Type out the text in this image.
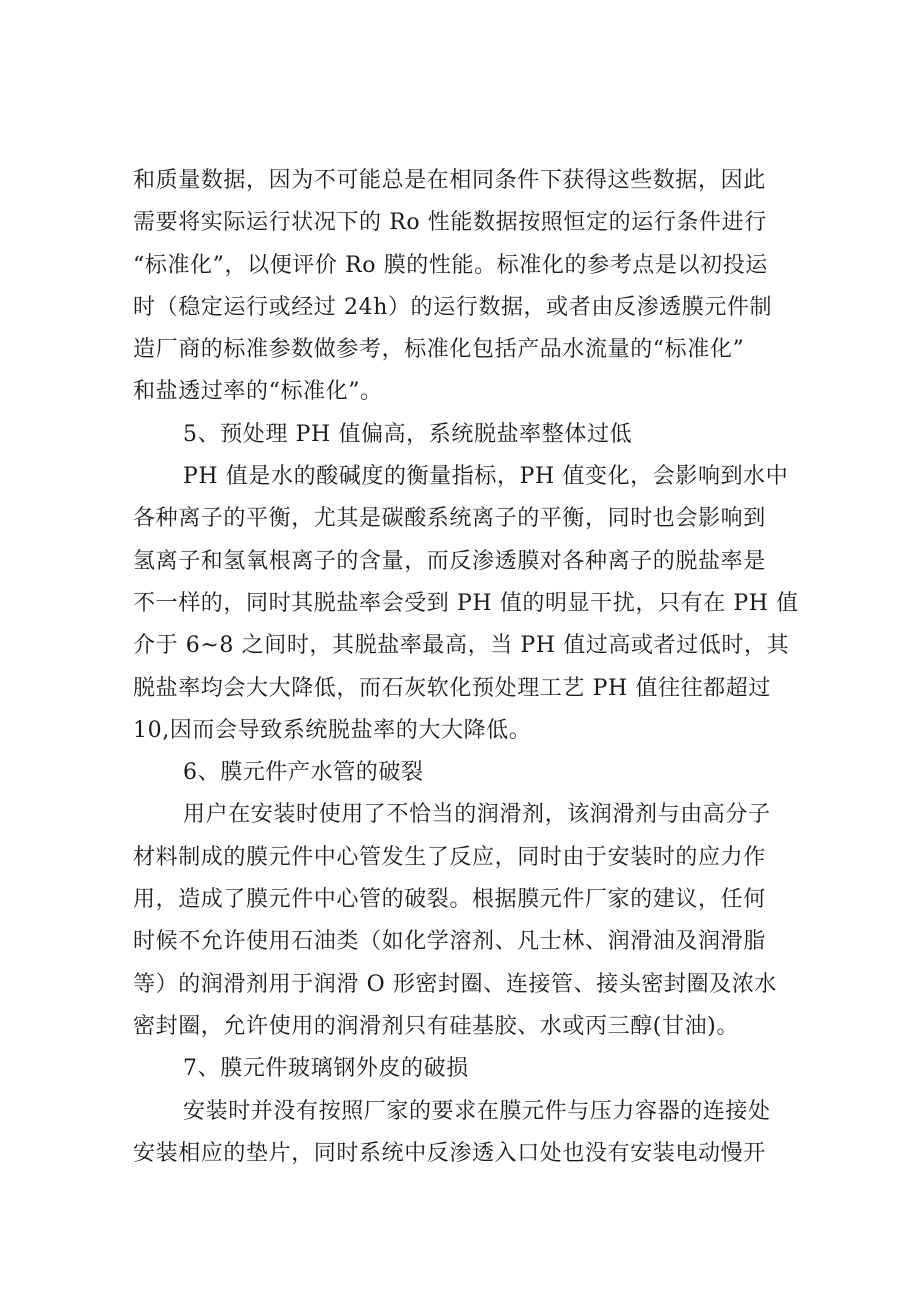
和质量数据，因为不可能总是在相同条件下获得这些数据，因此
需要将实际运行状况下的 Ro 性能数据按照恒定的运行条件进行
“标准化”，以便评价 Ro 膜的性能。标准化的参考点是以初投运
时（稳定运行或经过 24h）的运行数据，或者由反渗透膜元件制
造厂商的标准参数做参考，标准化包括产品水流量的“标准化”
和盐透过率的“标准化”。
5、预处理 PH 值偏高，系统脱盐率整体过低
PH 值是水的酸碱度的衡量指标，PH 值变化，会影响到水中
各种离子的平衡，尤其是碳酸系统离子的平衡，同时也会影响到
氢离子和氢氧根离子的含量，而反渗透膜对各种离子的脱盐率是
不一样的，同时其脱盐率会受到 PH 值的明显干扰，只有在 PH 值
介于 6~8 之间时，其脱盐率最高，当 PH 值过高或者过低时，其
脱盐率均会大大降低，而石灰软化预处理工艺 PH 值往往都超过
10,因而会导致系统脱盐率的大大降低。
6、膜元件产水管的破裂
用户在安装时使用了不恰当的润滑剂，该润滑剂与由高分子
材料制成的膜元件中心管发生了反应，同时由于安装时的应力作
用，造成了膜元件中心管的破裂。根据膜元件厂家的建议，任何
时候不允许使用石油类（如化学溶剂、凡士林、润滑油及润滑脂
等）的润滑剂用于润滑 O 形密封圈、连接管、接头密封圈及浓水
密封圈，允许使用的润滑剂只有硅基胶、水或丙三醇(甘油)。
7、膜元件玻璃钢外皮的破损
安装时并没有按照厂家的要求在膜元件与压力容器的连接处
安装相应的垫片，同时系统中反渗透入口处也没有安装电动慢开
